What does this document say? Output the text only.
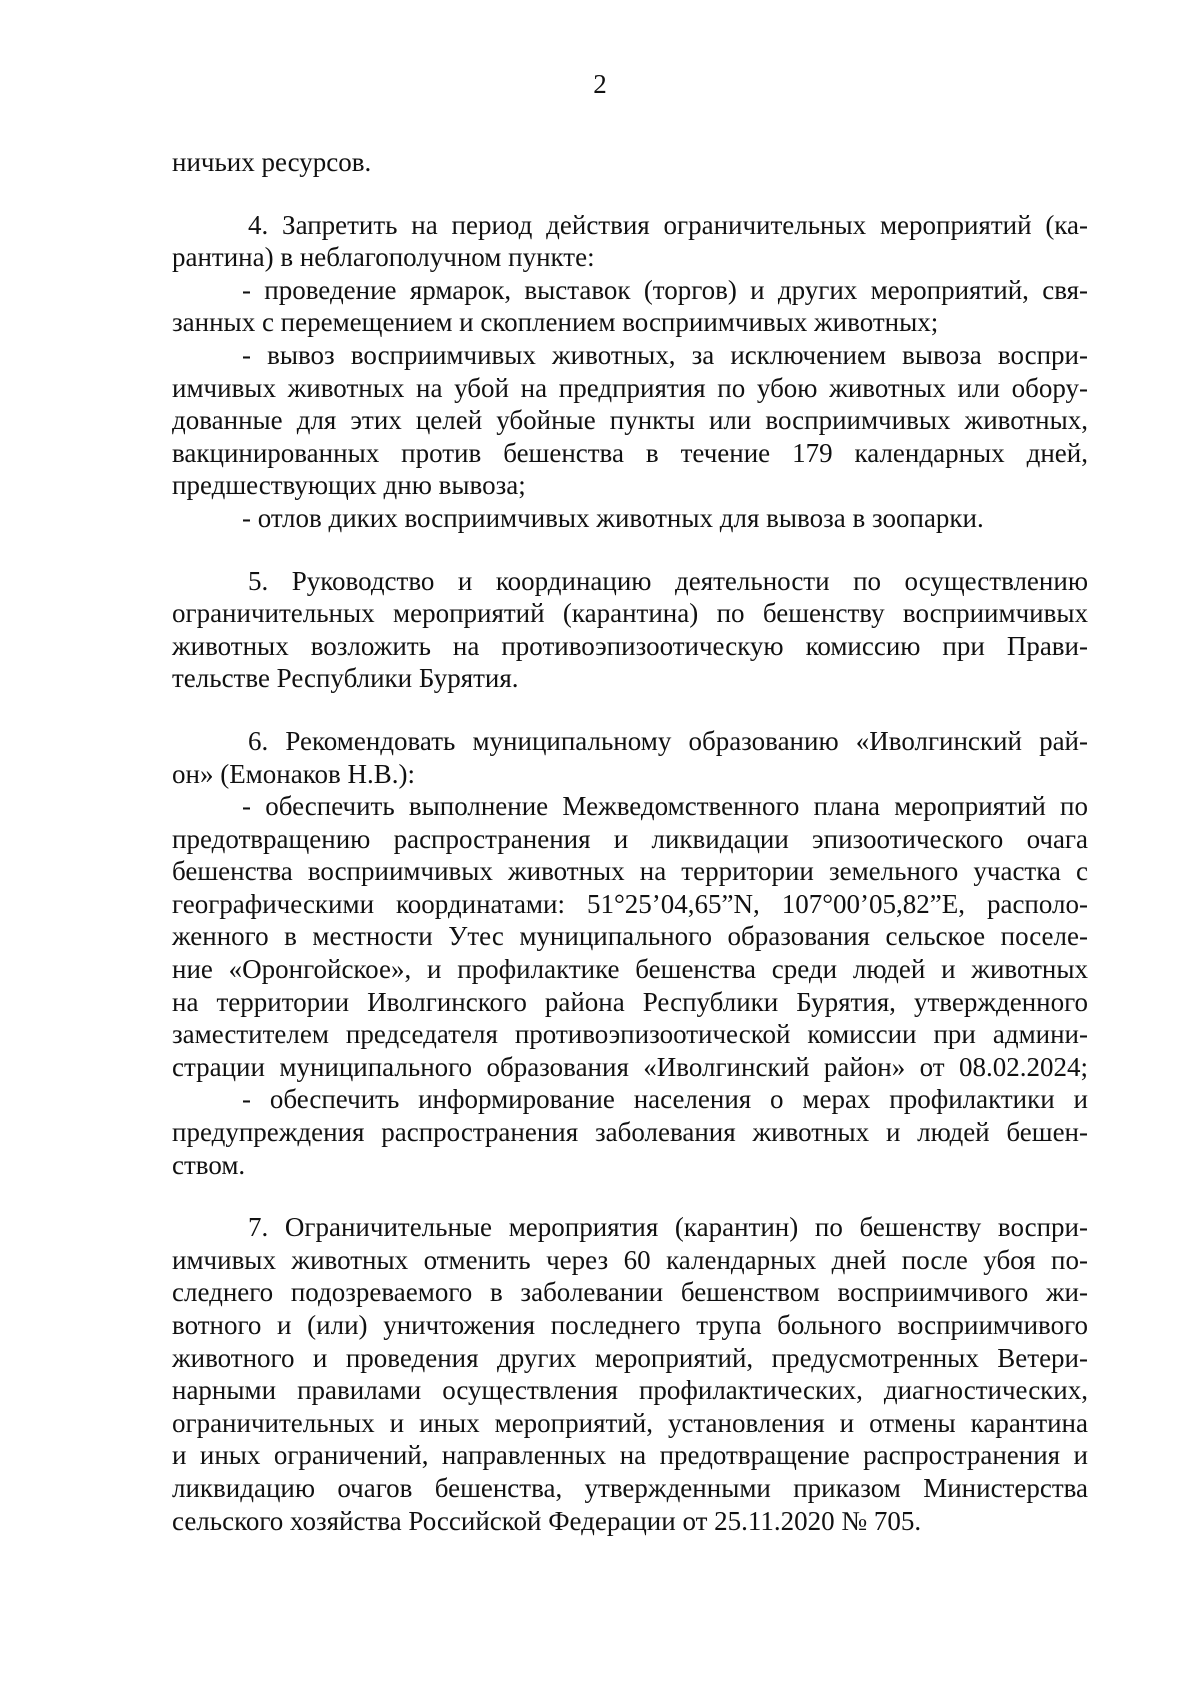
2
ничьих ресурсов.
4. Запретить на период действия ограничительных мероприятий (ка-
рантина) в неблагополучном пункте:
- проведение ярмарок, выставок (торгов) и других мероприятий, свя-
занных с перемещением и скоплением восприимчивых животных;
- вывоз восприимчивых животных, за исключением вывоза воспри-
имчивых животных на убой на предприятия по убою животных или обору-
дованные для этих целей убойные пункты или восприимчивых животных,
вакцинированных против бешенства в течение 179 календарных дней,
предшествующих дню вывоза;
- отлов диких восприимчивых животных для вывоза в зоопарки.
5. Руководство и координацию деятельности по осуществлению
ограничительных мероприятий (карантина) по бешенству восприимчивых
животных возложить на противоэпизоотическую комиссию при Прави-
тельстве Республики Бурятия.
6. Рекомендовать муниципальному образованию «Иволгинский рай-
он» (Емонаков Н.В.):
- обеспечить выполнение Межведомственного плана мероприятий по
предотвращению распространения и ликвидации эпизоотического очага
бешенства восприимчивых животных на территории земельного участка с
географическими координатами: 51°25’04,65”N, 107°00’05,82”E, располо-
женного в местности Утес муниципального образования сельское поселе-
ние «Оронгойское», и профилактике бешенства среди людей и животных
на территории Иволгинского района Республики Бурятия, утвержденного
заместителем председателя противоэпизоотической комиссии при админи-
страции муниципального образования «Иволгинский район» от 08.02.2024;
- обеспечить информирование населения о мерах профилактики и
предупреждения распространения заболевания животных и людей бешен-
ством.
7. Ограничительные мероприятия (карантин) по бешенству воспри-
имчивых животных отменить через 60 календарных дней после убоя по-
следнего подозреваемого в заболевании бешенством восприимчивого жи-
вотного и (или) уничтожения последнего трупа больного восприимчивого
животного и проведения других мероприятий, предусмотренных Ветери-
нарными правилами осуществления профилактических, диагностических,
ограничительных и иных мероприятий, установления и отмены карантина
и иных ограничений, направленных на предотвращение распространения и
ликвидацию очагов бешенства, утвержденными приказом Министерства
сельского хозяйства Российской Федерации от 25.11.2020 № 705.
